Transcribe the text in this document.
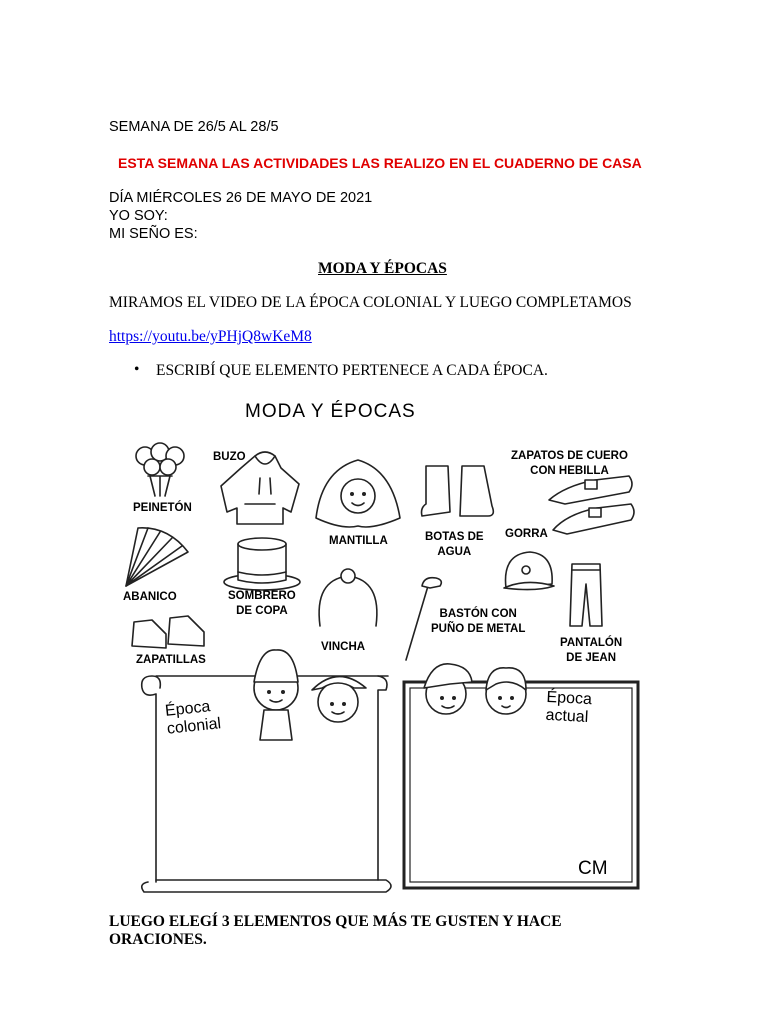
SEMANA DE 26/5 AL 28/5
ESTA SEMANA LAS ACTIVIDADES LAS REALIZO EN EL CUADERNO DE CASA
DÍA MIÉRCOLES 26 DE MAYO DE 2021
YO SOY:
MI SEÑO ES:
MODA Y ÉPOCAS
MIRAMOS EL VIDEO DE LA ÉPOCA COLONIAL Y LUEGO COMPLETAMOS
https://youtu.be/yPHjQ8wKeM8
• ESCRIBÍ QUE ELEMENTO PERTENECE A CADA ÉPOCA.
MODA Y ÉPOCAS
PEINETÓN
BUZO
MANTILLA	BOTAS DE
AGUA
ZAPATOS DE CUERO
CON HEBILLA
GORRA
ABANICO	SOMBRERO
DE COPA
VINCHA
BASTÓN CON
PUÑO DE METAL
PANTALÓN
DE JEAN
ZAPATILLAS
Época
colonial
Época
actual
CM
LUEGO ELEGÍ 3 ELEMENTOS QUE MÁS TE GUSTEN Y HACE
ORACIONES.
